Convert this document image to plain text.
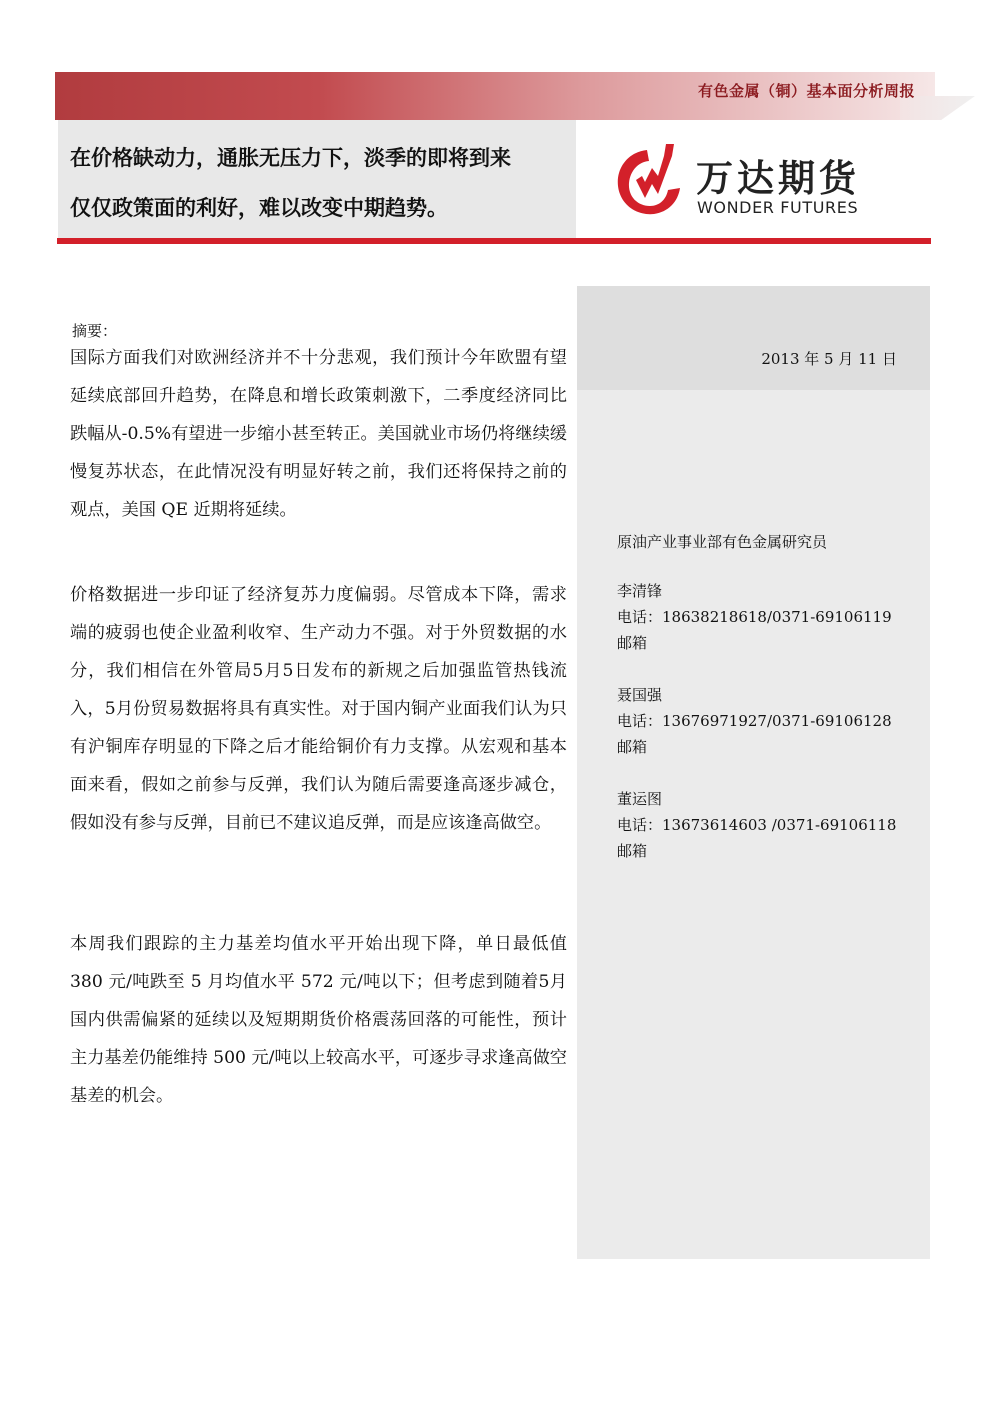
有色金属（铜）基本面分析周报
在价格缺动力，通胀无压力下，淡季的即将到来
仅仅政策面的利好，难以改变中期趋势。
万达期货
WONDER FUTURES
2013 年 5 月 11 日
原油产业事业部有色金属研究员
李清锋
电话：18638218618/0371-69106119
邮箱
聂国强
电话：13676971927/0371-69106128
邮箱
董运图
电话：13673614603 /0371-69106118
邮箱
摘要：

国际方面我们对欧洲经济并不十分悲观，我们预计今年欧盟有望延续底部回升趋势，在降息和增长政策刺激下，二季度经济同比跌幅从-0.5%有望进一步缩小甚至转正。美国就业市场仍将继续缓慢复苏状态，在此情况没有明显好转之前，我们还将保持之前的观点，美国 QE 近期将延续。

价格数据进一步印证了经济复苏力度偏弱。尽管成本下降，需求端的疲弱也使企业盈利收窄、生产动力不强。对于外贸数据的水分，我们相信在外管局5月5日发布的新规之后加强监管热钱流入，5月份贸易数据将具有真实性。对于国内铜产业面我们认为只有沪铜库存明显的下降之后才能给铜价有力支撑。从宏观和基本面来看，假如之前参与反弹，我们认为随后需要逢高逐步减仓，假如没有参与反弹，目前已不建议追反弹，而是应该逢高做空。

本周我们跟踪的主力基差均值水平开始出现下降，单日最低值 380 元/吨跌至 5 月均值水平 572 元/吨以下；但考虑到随着5月国内供需偏紧的延续以及短期期货价格震荡回落的可能性，预计主力基差仍能维持 500 元/吨以上较高水平，可逐步寻求逢高做空基差的机会。
